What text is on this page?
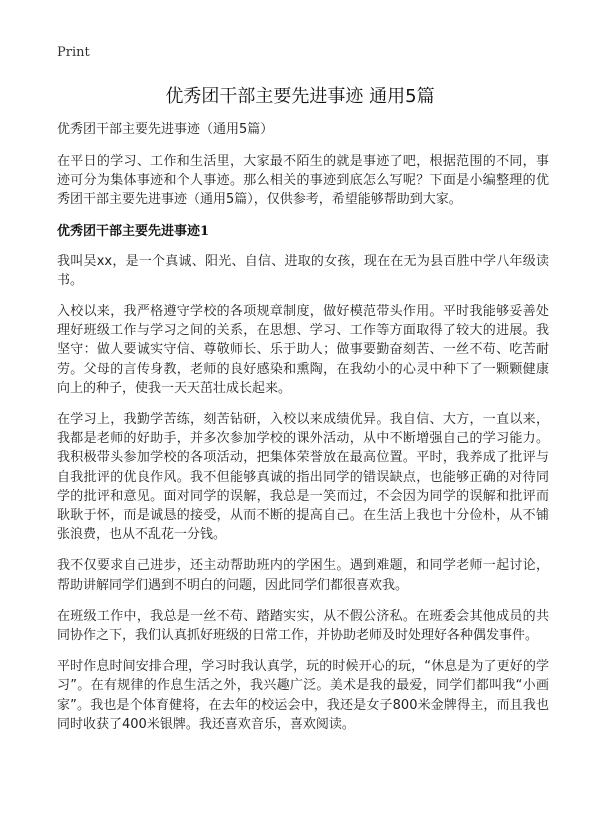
Print
优秀团干部主要先进事迹 通用5篇

优秀团干部主要先进事迹（通用5篇）

在平日的学习、工作和生活里，大家最不陌生的就是事迹了吧，根据范围的不同，事迹可分为集体事迹和个人事迹。那么相关的事迹到底怎么写呢？下面是小编整理的优秀团干部主要先进事迹（通用5篇），仅供参考，希望能够帮助到大家。

优秀团干部主要先进事迹1

我叫吴xx，是一个真诚、阳光、自信、进取的女孩，现在在无为县百胜中学八年级读书。

入校以来，我严格遵守学校的各项规章制度，做好模范带头作用。平时我能够妥善处理好班级工作与学习之间的关系，在思想、学习、工作等方面取得了较大的进展。我坚守：做人要诚实守信、尊敬师长、乐于助人；做事要勤奋刻苦、一丝不苟、吃苦耐劳。父母的言传身教，老师的良好感染和熏陶，在我幼小的心灵中种下了一颗颗健康向上的种子，使我一天天茁壮成长起来。

在学习上，我勤学苦练，刻苦钻研，入校以来成绩优异。我自信、大方，一直以来，我都是老师的好助手，并多次参加学校的课外活动，从中不断增强自己的学习能力。我积极带头参加学校的各项活动，把集体荣誉放在最高位置。平时，我养成了批评与自我批评的优良作风。我不但能够真诚的指出同学的错误缺点，也能够正确的对待同学的批评和意见。面对同学的误解，我总是一笑而过，不会因为同学的误解和批评而耿耿于怀，而是诚恳的接受，从而不断的提高自己。在生活上我也十分俭朴，从不铺张浪费，也从不乱花一分钱。

我不仅要求自己进步，还主动帮助班内的学困生。遇到难题，和同学老师一起讨论，帮助讲解同学们遇到不明白的问题，因此同学们都很喜欢我。

在班级工作中，我总是一丝不苟、踏踏实实，从不假公济私。在班委会其他成员的共同协作之下，我们认真抓好班级的日常工作，并协助老师及时处理好各种偶发事件。

平时作息时间安排合理，学习时我认真学，玩的时候开心的玩，“休息是为了更好的学习”。在有规律的作息生活之外，我兴趣广泛。美术是我的最爱，同学们都叫我“小画家”。我也是个体育健将，在去年的校运会中，我还是女子800米金牌得主，而且我也同时收获了400米银牌。我还喜欢音乐，喜欢阅读。
